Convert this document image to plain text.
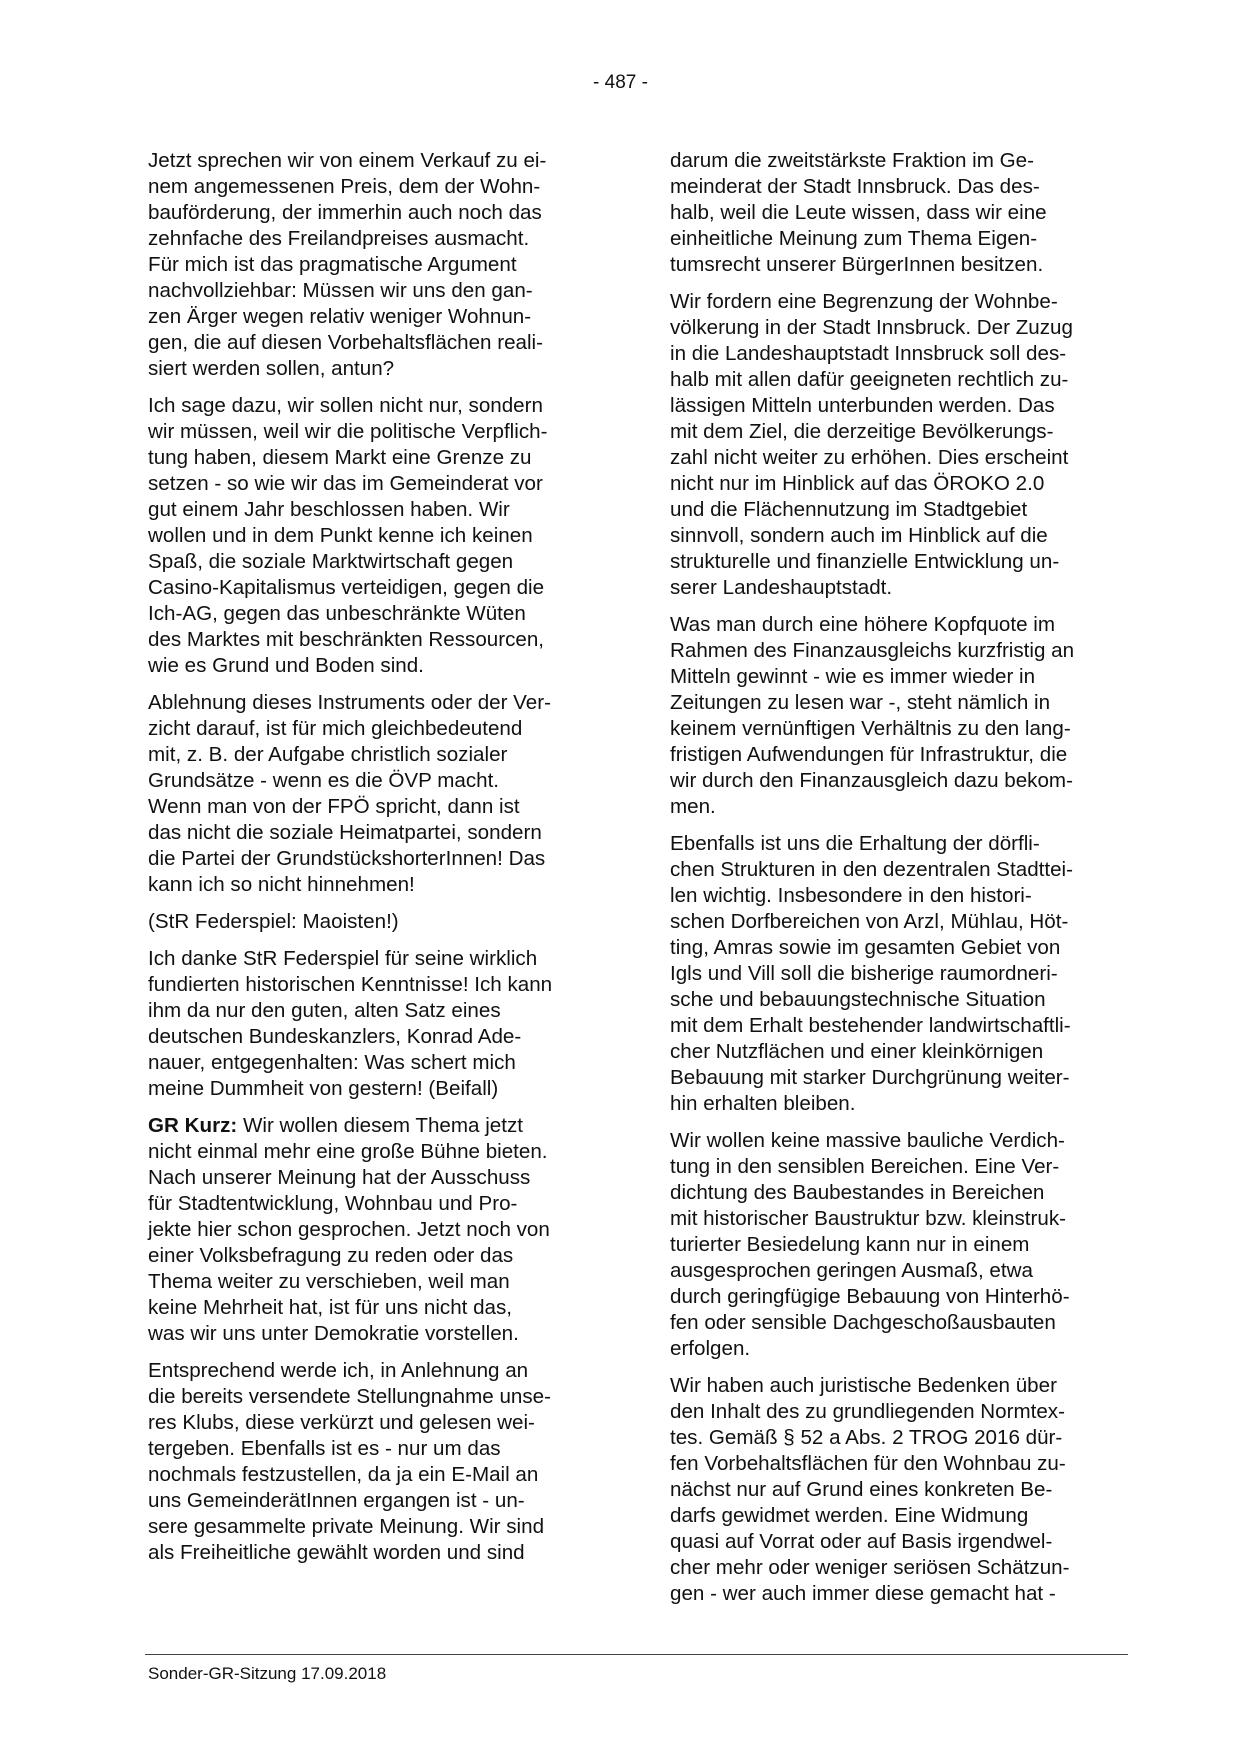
- 487 -
Jetzt sprechen wir von einem Verkauf zu ei-
nem angemessenen Preis, dem der Wohn-
bauförderung, der immerhin auch noch das
zehnfache des Freilandpreises ausmacht.
Für mich ist das pragmatische Argument
nachvollziehbar: Müssen wir uns den gan-
zen Ärger wegen relativ weniger Wohnun-
gen, die auf diesen Vorbehaltsflächen reali-
siert werden sollen, antun?
Ich sage dazu, wir sollen nicht nur, sondern
wir müssen, weil wir die politische Verpflich-
tung haben, diesem Markt eine Grenze zu
setzen - so wie wir das im Gemeinderat vor
gut einem Jahr beschlossen haben. Wir
wollen und in dem Punkt kenne ich keinen
Spaß, die soziale Marktwirtschaft gegen
Casino-Kapitalismus verteidigen, gegen die
Ich-AG, gegen das unbeschränkte Wüten
des Marktes mit beschränkten Ressourcen,
wie es Grund und Boden sind.
Ablehnung dieses Instruments oder der Ver-
zicht darauf, ist für mich gleichbedeutend
mit, z. B. der Aufgabe christlich sozialer
Grundsätze - wenn es die ÖVP macht.
Wenn man von der FPÖ spricht, dann ist
das nicht die soziale Heimatpartei, sondern
die Partei der GrundstückshorterInnen! Das
kann ich so nicht hinnehmen!
(StR Federspiel: Maoisten!)
Ich danke StR Federspiel für seine wirklich
fundierten historischen Kenntnisse! Ich kann
ihm da nur den guten, alten Satz eines
deutschen Bundeskanzlers, Konrad Ade-
nauer, entgegenhalten: Was schert mich
meine Dummheit von gestern! (Beifall)
GR Kurz: Wir wollen diesem Thema jetzt
nicht einmal mehr eine große Bühne bieten.
Nach unserer Meinung hat der Ausschuss
für Stadtentwicklung, Wohnbau und Pro-
jekte hier schon gesprochen. Jetzt noch von
einer Volksbefragung zu reden oder das
Thema weiter zu verschieben, weil man
keine Mehrheit hat, ist für uns nicht das,
was wir uns unter Demokratie vorstellen.
Entsprechend werde ich, in Anlehnung an
die bereits versendete Stellungnahme unse-
res Klubs, diese verkürzt und gelesen wei-
tergeben. Ebenfalls ist es - nur um das
nochmals festzustellen, da ja ein E-Mail an
uns GemeinderätInnen ergangen ist - un-
sere gesammelte private Meinung. Wir sind
als Freiheitliche gewählt worden und sind
darum die zweitstärkste Fraktion im Ge-
meinderat der Stadt Innsbruck. Das des-
halb, weil die Leute wissen, dass wir eine
einheitliche Meinung zum Thema Eigen-
tumsrecht unserer BürgerInnen besitzen.
Wir fordern eine Begrenzung der Wohnbe-
völkerung in der Stadt Innsbruck. Der Zuzug
in die Landeshauptstadt Innsbruck soll des-
halb mit allen dafür geeigneten rechtlich zu-
lässigen Mitteln unterbunden werden. Das
mit dem Ziel, die derzeitige Bevölkerungs-
zahl nicht weiter zu erhöhen. Dies erscheint
nicht nur im Hinblick auf das ÖROKO 2.0
und die Flächennutzung im Stadtgebiet
sinnvoll, sondern auch im Hinblick auf die
strukturelle und finanzielle Entwicklung un-
serer Landeshauptstadt.
Was man durch eine höhere Kopfquote im
Rahmen des Finanzausgleichs kurzfristig an
Mitteln gewinnt - wie es immer wieder in
Zeitungen zu lesen war -, steht nämlich in
keinem vernünftigen Verhältnis zu den lang-
fristigen Aufwendungen für Infrastruktur, die
wir durch den Finanzausgleich dazu bekom-
men.
Ebenfalls ist uns die Erhaltung der dörfli-
chen Strukturen in den dezentralen Stadttei-
len wichtig. Insbesondere in den histori-
schen Dorfbereichen von Arzl, Mühlau, Höt-
ting, Amras sowie im gesamten Gebiet von
Igls und Vill soll die bisherige raumordneri-
sche und bebauungstechnische Situation
mit dem Erhalt bestehender landwirtschaftli-
cher Nutzflächen und einer kleinkörnigen
Bebauung mit starker Durchgrünung weiter-
hin erhalten bleiben.
Wir wollen keine massive bauliche Verdich-
tung in den sensiblen Bereichen. Eine Ver-
dichtung des Baubestandes in Bereichen
mit historischer Baustruktur bzw. kleinstruk-
turierter Besiedelung kann nur in einem
ausgesprochen geringen Ausmaß, etwa
durch geringfügige Bebauung von Hinterhö-
fen oder sensible Dachgeschoßausbauten
erfolgen.
Wir haben auch juristische Bedenken über
den Inhalt des zu grundliegenden Normtex-
tes. Gemäß § 52 a Abs. 2 TROG 2016 dür-
fen Vorbehaltsflächen für den Wohnbau zu-
nächst nur auf Grund eines konkreten Be-
darfs gewidmet werden. Eine Widmung
quasi auf Vorrat oder auf Basis irgendwel-
cher mehr oder weniger seriösen Schätzun-
gen - wer auch immer diese gemacht hat -
Sonder-GR-Sitzung 17.09.2018
